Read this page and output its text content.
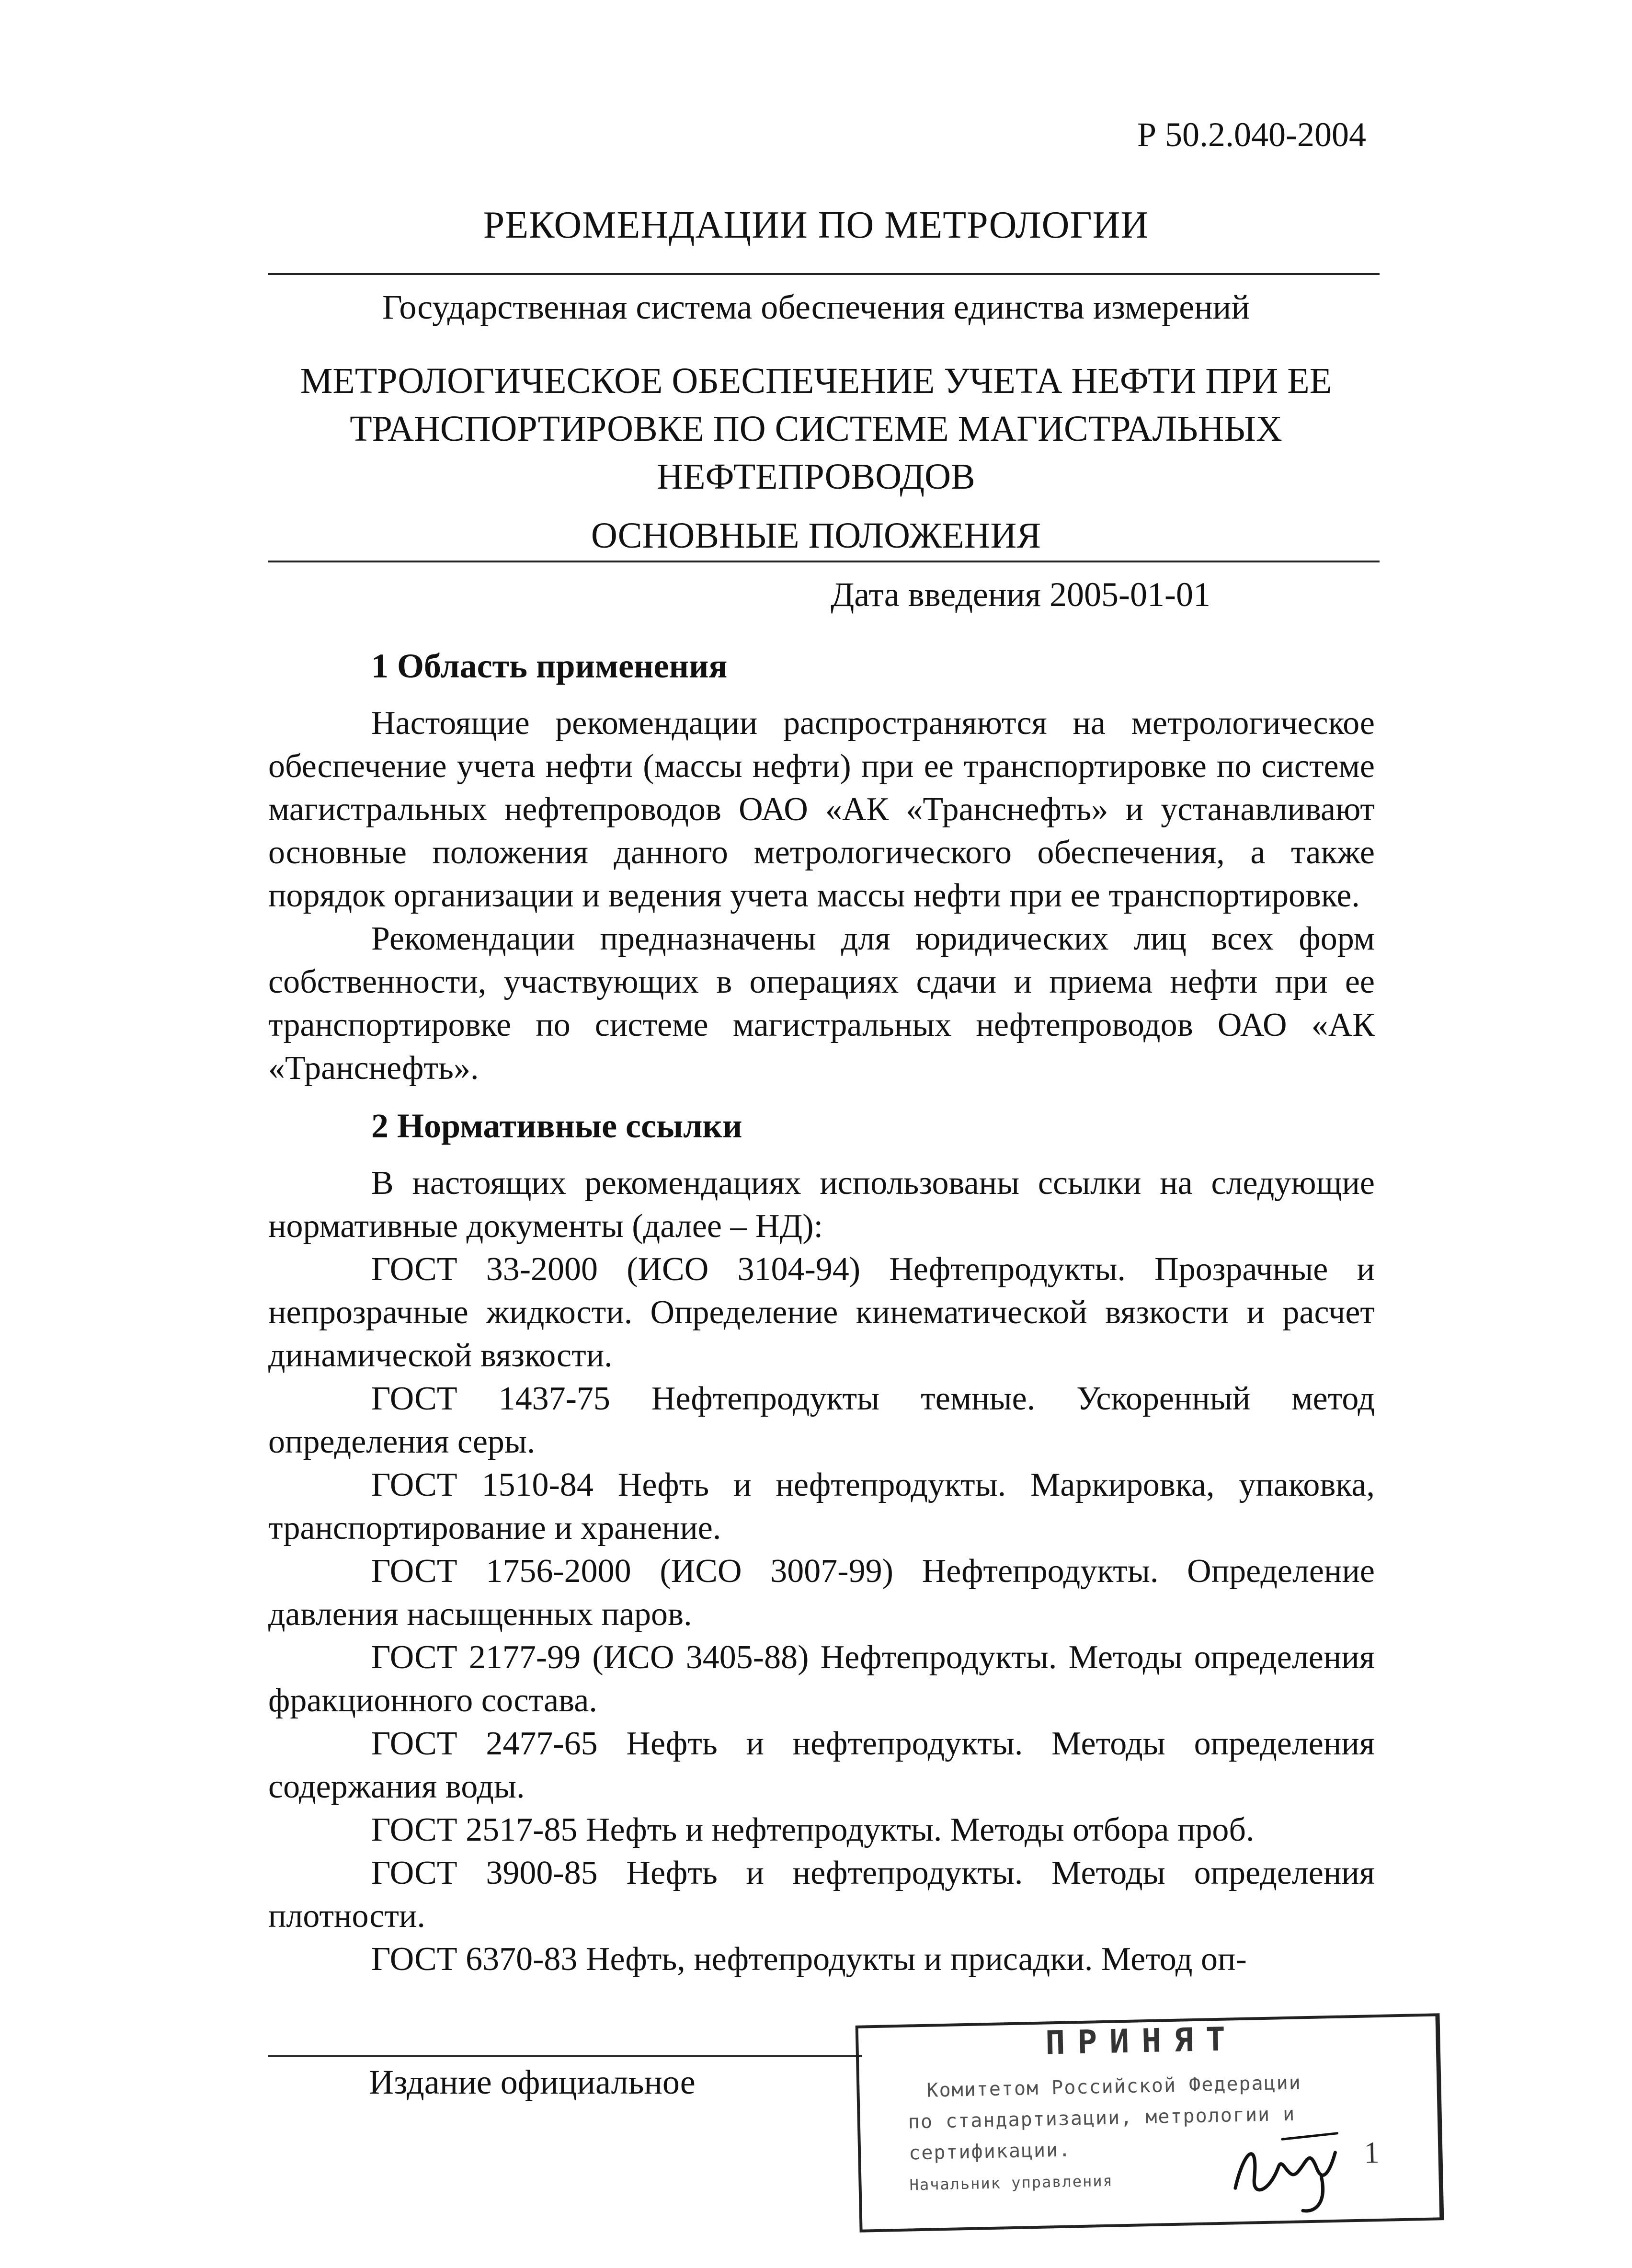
Р 50.2.040-2004
РЕКОМЕНДАЦИИ ПО МЕТРОЛОГИИ
Государственная система обеспечения единства измерений
МЕТРОЛОГИЧЕСКОЕ ОБЕСПЕЧЕНИЕ УЧЕТА НЕФТИ ПРИ ЕЕ
ТРАНСПОРТИРОВКЕ ПО СИСТЕМЕ МАГИСТРАЛЬНЫХ
НЕФТЕПРОВОДОВ
ОСНОВНЫЕ ПОЛОЖЕНИЯ
Дата введения 2005-01-01
1 Область применения

Настоящие рекомендации распространяются на метрологическое обеспечение учета нефти (массы нефти) при ее транспортировке по системе магистральных нефтепроводов ОАО «АК «Транснефть» и устанавливают основные положения данного метрологического обеспечения, а также порядок организации и ведения учета массы нефти при ее транспортировке.

Рекомендации предназначены для юридических лиц всех форм собственности, участвующих в операциях сдачи и приема нефти при ее транспортировке по системе магистральных нефтепроводов ОАО «АК «Транснефть».

2 Нормативные ссылки

В настоящих рекомендациях использованы ссылки на следующие нормативные документы (далее – НД):

ГОСТ 33-2000 (ИСО 3104-94) Нефтепродукты. Прозрачные и непрозрачные жидкости. Определение кинематической вязкости и расчет динамической вязкости.

ГОСТ 1437-75 Нефтепродукты темные. Ускоренный метод определения серы.

ГОСТ 1510-84 Нефть и нефтепродукты. Маркировка, упаковка, транспортирование и хранение.

ГОСТ 1756-2000 (ИСО 3007-99) Нефтепродукты. Определение давления насыщенных паров.

ГОСТ 2177-99 (ИСО 3405-88) Нефтепродукты. Методы определения фракционного состава.

ГОСТ 2477-65 Нефть и нефтепродукты. Методы определения содержания воды.

ГОСТ 2517-85 Нефть и нефтепродукты. Методы отбора проб.

ГОСТ 3900-85 Нефть и нефтепродукты. Методы определения плотности.

ГОСТ 6370-83 Нефть, нефтепродукты и присадки. Метод оп-

Издание официальное
ПРИНЯТ
Комитетом Российской Федерации
по стандартизации, метрологии и
сертификации.
Начальник управления
1
